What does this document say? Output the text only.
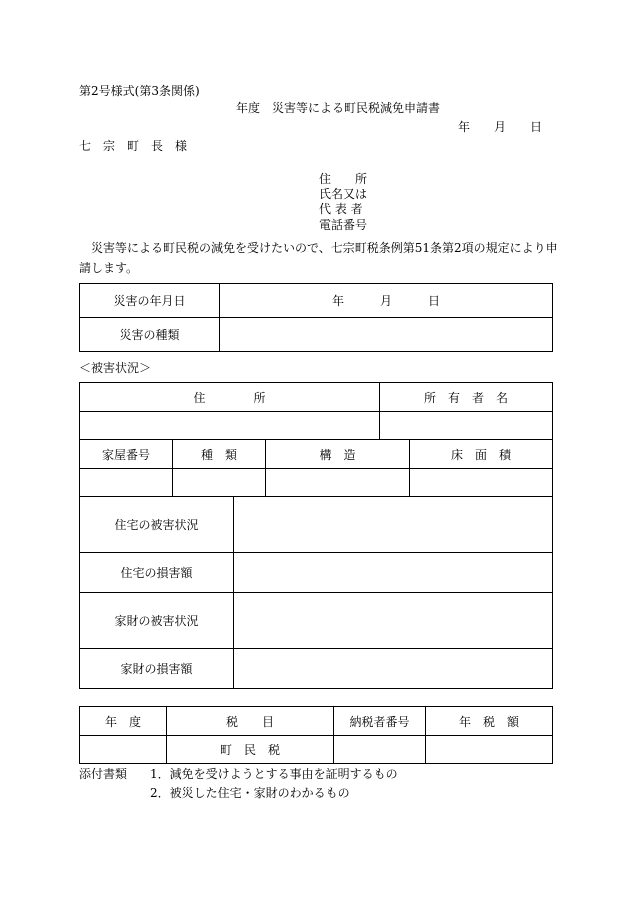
第2号様式(第3条関係)
年度　災害等による町民税減免申請書
年　　月　　日
七　宗　町　長　様
住　　所
氏名又は
代 表 者
電話番号
災害等による町民税の減免を受けたいので、七宗町税条例第51条第2項の規定により申請します。
災害の年月日	年　　　月　　　日
災害の種類	
＜被害状況＞
住　　　　所	所　有　者　名

家屋番号	種　類	構　造	床　面　積

住宅の被害状況	
住宅の損害額	
家財の被害状況	
家財の損害額	
年　度	税　　目	納税者番号	年　税　額
	町　民　税		
添付書類 1．減免を受けようとする事由を証明するもの
2．被災した住宅・家財のわかるもの
